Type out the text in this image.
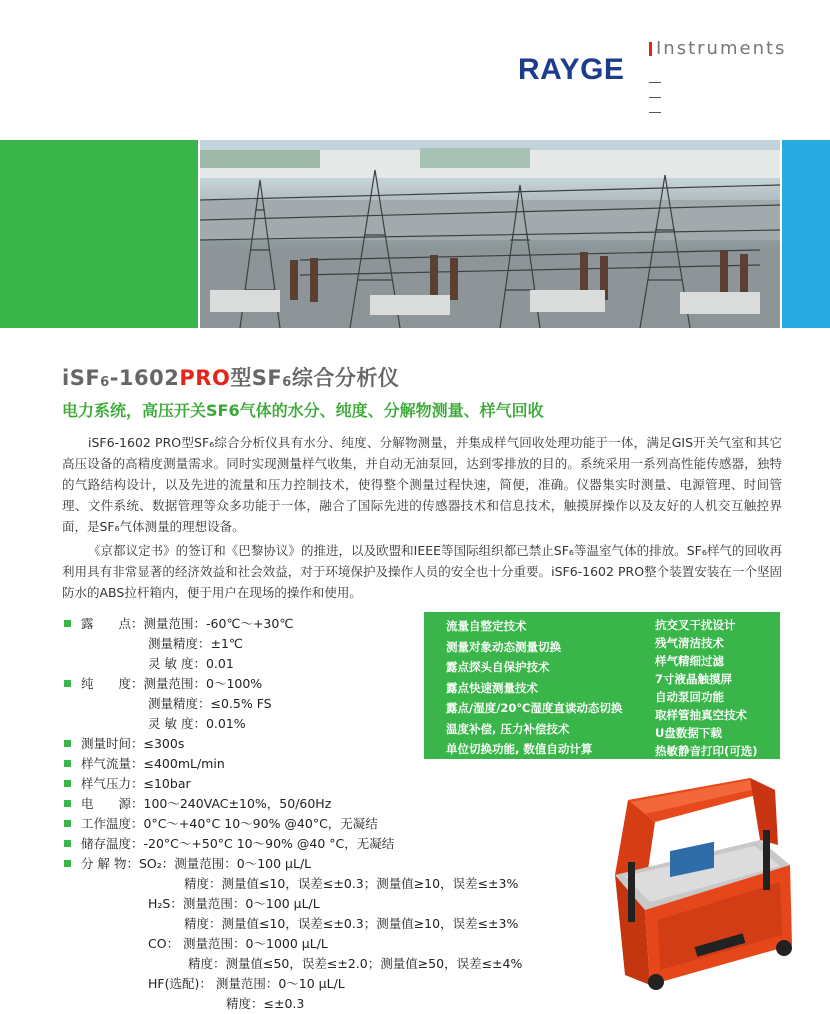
RAYGE
Instruments
iSF$_6$-1602PRO型$SF_6$综合分析仪
电力系统，高压开关SF6气体的水分、纯度、分解物测量、样气回收

iSF6-1602 PRO型SF₆综合分析仪具有水分、纯度、分解物测量，并集成样气回收处理功能于一体，满足GIS开关气室和其它高压设备的高精度测量需求。同时实现测量样气收集，并自动无油泵回，达到零排放的目的。系统采用一系列高性能传感器，独特的气路结构设计，以及先进的流量和压力控制技术，使得整个测量过程快速，简便，准确。仪器集实时测量、电源管理、时间管理、文件系统、数据管理等众多功能于一体，融合了国际先进的传感器技术和信息技术，触摸屏操作以及友好的人机交互触控界面，是SF₆气体测量的理想设备。

《京都议定书》的签订和《巴黎协议》的推进，以及欧盟和IEEE等国际组织都已禁止SF₆等温室气体的排放。SF₆样气的回收再利用具有非常显著的经济效益和社会效益，对于环境保护及操作人员的安全也十分重要。iSF6-1602 PRO整个装置安装在一个坚固防水的ABS拉杆箱内，便于用户在现场的操作和使用。

露　　点：测量范围：-60℃～+30℃
测量精度：±1℃
灵 敏 度：0.01
纯　　度：测量范围：0～100%
测量精度：≤0.5% FS
灵 敏 度：0.01%
测量时间：≤300s
样气流量：≤400mL/min
样气压力：≤10bar
电　　源：100～240VAC±10%，50/60Hz
工作温度：0°C～+40°C 10～90% @40°C，无凝结
储存温度：-20°C～+50°C 10～90% @40 °C，无凝结
分 解 物：SO₂：测量范围：0～100 μL/L
精度：测量值≤10，误差≤±0.3；测量值≥10，误差≤±3%
H₂S：测量范围：0～100 μL/L
精度：测量值≤10，误差≤±0.3；测量值≥10，误差≤±3%
CO： 测量范围：0～1000 μL/L
精度：测量值≤50，误差≤±2.0；测量值≥50，误差≤±4%
HF(选配)： 测量范围：0～10 μL/L
精度：≤±0.3
流量自整定技术
测量对象动态测量切换
露点探头自保护技术
露点快速测量技术
露点/湿度/20℃湿度直读动态切换
温度补偿, 压力补偿技术
单位切换功能, 数值自动计算
抗交叉干扰设计
残气清洁技术
样气精细过滤
7寸液晶触摸屏
自动泵回功能
取样管抽真空技术
U盘数据下载
热敏静音打印(可选)
